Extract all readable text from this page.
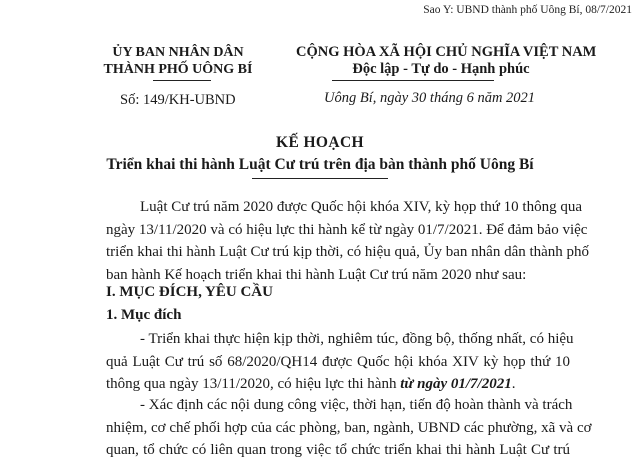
Sao Y: UBND thành phố Uông Bí, 08/7/2021
ỦY BAN NHÂN DÂN
THÀNH PHỐ UÔNG BÍ
CỘNG HÒA XÃ HỘI CHỦ NGHĨA VIỆT NAM
Độc lập - Tự do - Hạnh phúc
Số: 149/KH-UBND	Uông Bí, ngày 30 tháng 6 năm 2021
KẾ HOẠCH
Triển khai thi hành Luật Cư trú trên địa bàn thành phố Uông Bí
Luật Cư trú năm 2020 được Quốc hội khóa XIV, kỳ họp thứ 10 thông qua
ngày 13/11/2020 và có hiệu lực thi hành kể từ ngày 01/7/2021. Để đảm bảo việc
triển khai thi hành Luật Cư trú kịp thời, có hiệu quả, Ủy ban nhân dân thành phố
ban hành Kế hoạch triển khai thi hành Luật Cư trú năm 2020 như sau:
I. MỤC ĐÍCH, YÊU CẦU
1. Mục đích
- Triển khai thực hiện kịp thời, nghiêm túc, đồng bộ, thống nhất, có hiệu
quả Luật Cư trú số 68/2020/QH14 được Quốc hội khóa XIV kỳ họp thứ 10
thông qua ngày 13/11/2020, có hiệu lực thi hành từ ngày 01/7/2021.
- Xác định các nội dung công việc, thời hạn, tiến độ hoàn thành và trách
nhiệm, cơ chế phối hợp của các phòng, ban, ngành, UBND các phường, xã và cơ
quan, tổ chức có liên quan trong việc tổ chức triển khai thi hành Luật Cư trú
